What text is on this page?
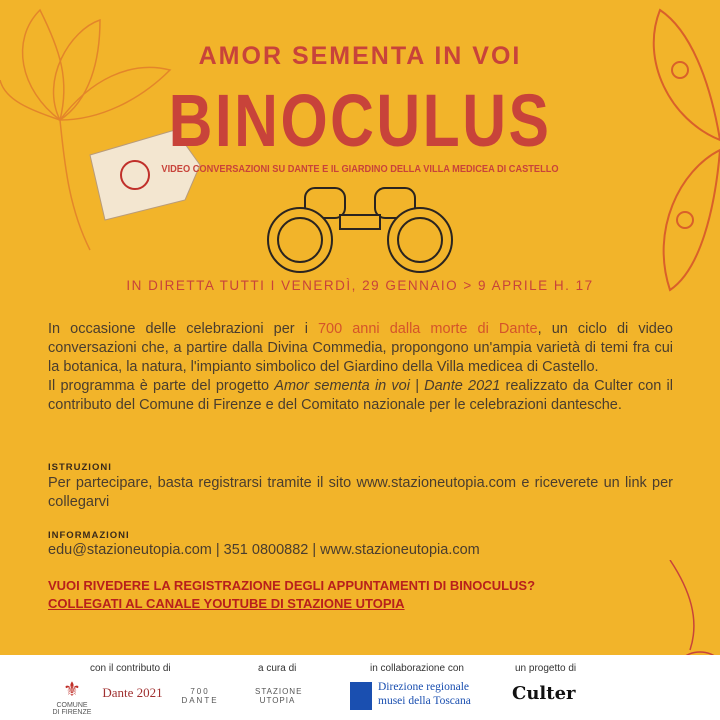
AMOR SEMENTA IN VOI
BINOCULUS
VIDEO CONVERSAZIONI SU DANTE E IL GIARDINO DELLA VILLA MEDICEA DI CASTELLO
IN DIRETTA TUTTI I VENERDÌ, 29 GENNAIO > 9 APRILE H. 17
In occasione delle celebrazioni per i 700 anni dalla morte di Dante, un ciclo di video conversazioni che, a partire dalla Divina Commedia, propongono un'ampia varietà di temi fra cui la botanica, la natura, l'impianto simbolico del Giardino della Villa medicea di Castello.
Il programma è parte del progetto Amor sementa in voi | Dante 2021 realizzato da Culter con il contributo del Comune di Firenze e del Comitato nazionale per le celebrazioni dantesche.
ISTRUZIONI
Per partecipare, basta registrarsi tramite il sito www.stazioneutopia.com e riceverete un link per collegarvi
INFORMAZIONI
edu@stazioneutopia.com | 351 0800882 | www.stazioneutopia.com
VUOI RIVEDERE LA REGISTRAZIONE DEGLI APPUNTAMENTI DI BINOCULUS?
COLLEGATI AL CANALE YOUTUBE DI STAZIONE UTOPIA
con il contributo di	a cura di	in collaborazione con	un progetto di
⚜
COMUNE DI FIRENZE
Dante 2021	700 DANTE
STAZIONE UTOPIA
Direzione regionale musei della Toscana	Culter
